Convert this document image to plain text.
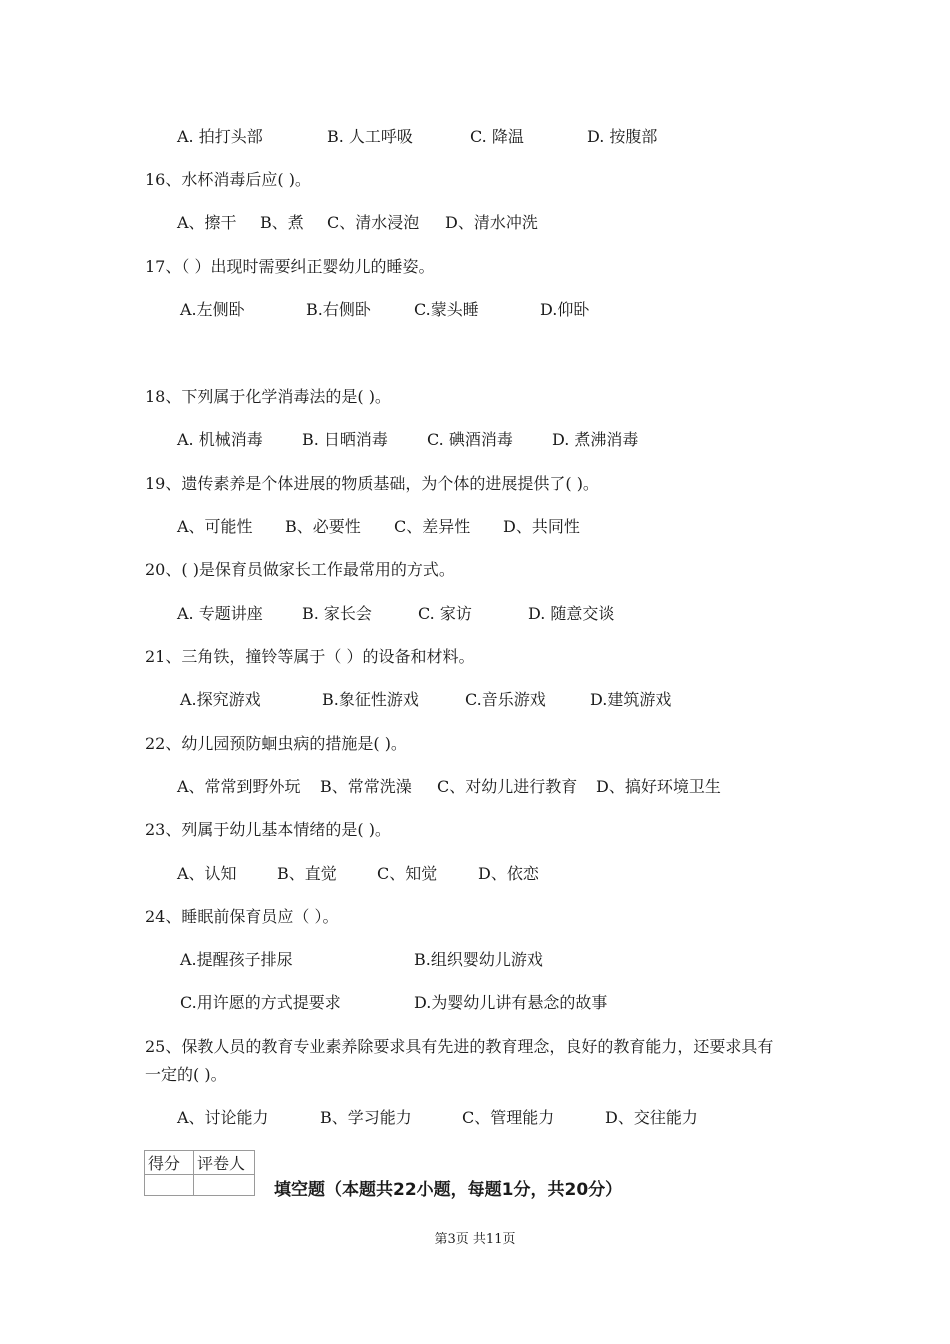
A. 拍打头部	B. 人工呼吸	C. 降温	D. 按腹部
16、水杯消毒后应( )。
A、擦干 B、煮 C、清水浸泡 D、清水冲洗
17、（ ）出现时需要纠正婴幼儿的睡姿。
A.左侧卧	B.右侧卧	C.蒙头睡	D.仰卧
18、下列属于化学消毒法的是( )。
A. 机械消毒 B. 日晒消毒 C. 碘酒消毒 D. 煮沸消毒
19、遗传素养是个体进展的物质基础，为个体的进展提供了( )。
A、可能性 B、必要性 C、差异性 D、共同性
20、( )是保育员做家长工作最常用的方式。
A. 专题讲座 B. 家长会	C. 家访	D. 随意交谈
21、三角铁，撞铃等属于（ ）的设备和材料。
A.探究游戏	B.象征性游戏	C.音乐游戏	D.建筑游戏
22、幼儿园预防蛔虫病的措施是( )。
A、常常到野外玩 B、常常洗澡 C、对幼儿进行教育 D、搞好环境卫生
23、列属于幼儿基本情绪的是( )。
A、认知	B、直觉	C、知觉	D、依恋
24、睡眠前保育员应（ ）。
A.提醒孩子排尿	B.组织婴幼儿游戏
C.用许愿的方式提要求	D.为婴幼儿讲有悬念的故事
25、保教人员的教育专业素养除要求具有先进的教育理念，良好的教育能力，还要求具有
一定的( )。
A、讨论能力	B、学习能力	C、管理能力	D、交往能力
得分	评卷人

填空题（本题共22小题，每题1分，共20分）
第3页 共11页
